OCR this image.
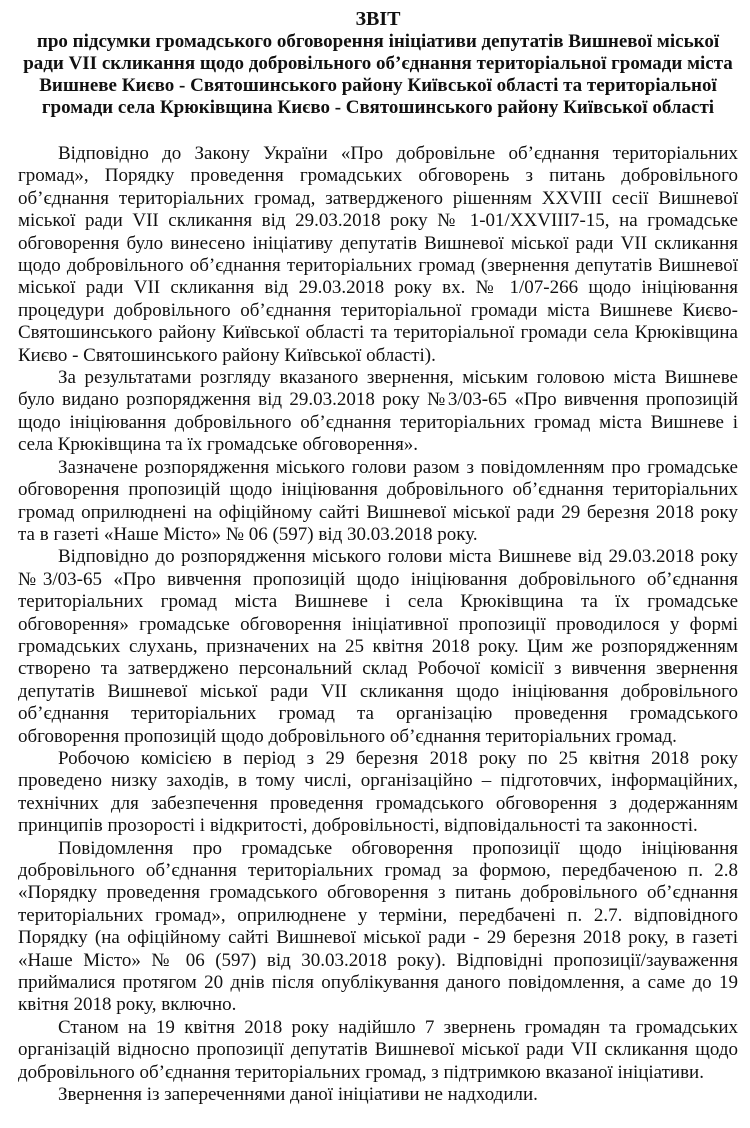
ЗВІТ
про підсумки громадського обговорення ініціативи депутатів Вишневої міської ради VII скликання щодо добровільного об’єднання територіальної громади міста Вишневе Києво - Святошинського району Київської області та територіальної громади села Крюківщина Києво - Святошинського району Київської області

Відповідно до Закону України «Про добровільне об’єднання територіальних громад», Порядку проведення громадських обговорень з питань добровільного об’єднання територіальних громад, затвердженого рішенням XXVIII сесії Вишневої міської ради VII скликання від 29.03.2018 року № 1-01/XXVIII7-15, на громадське обговорення було винесено ініціативу депутатів Вишневої міської ради VII скликання щодо добровільного об’єднання територіальних громад (звернення депутатів Вишневої міської ради VII скликання від 29.03.2018 року вх. № 1/07-266 щодо ініціювання процедури добровільного об’єднання територіальної громади міста Вишневе Києво- Святошинського району Київської області та територіальної громади села Крюківщина Києво - Святошинського району Київської області).

За результатами розгляду вказаного звернення, міським головою міста Вишневе було видано розпорядження від 29.03.2018 року №3/03-65 «Про вивчення пропозицій щодо ініціювання добровільного об’єднання територіальних громад міста Вишневе і села Крюківщина та їх громадське обговорення».

Зазначене розпорядження міського голови разом з повідомленням про громадське обговорення пропозицій щодо ініціювання добровільного об’єднання територіальних громад оприлюднені на офіційному сайті Вишневої міської ради 29 березня 2018 року та в газеті «Наше Місто» № 06 (597) від 30.03.2018 року.

Відповідно до розпорядження міського голови міста Вишневе від 29.03.2018 року №3/03-65 «Про вивчення пропозицій щодо ініціювання добровільного об’єднання територіальних громад міста Вишневе і села Крюківщина та їх громадське обговорення» громадське обговорення ініціативної пропозиції проводилося у формі громадських слухань, призначених на 25 квітня 2018 року. Цим же розпорядженням створено та затверджено персональний склад Робочої комісії з вивчення звернення депутатів Вишневої міської ради VII скликання щодо ініціювання добровільного об’єднання територіальних громад та організацію проведення громадського обговорення пропозицій щодо добровільного об’єднання територіальних громад.

Робочою комісією в період з 29 березня 2018 року по 25 квітня 2018 року проведено низку заходів, в тому числі, організаційно – підготовчих, інформаційних, технічних для забезпечення проведення громадського обговорення з додержанням принципів прозорості і відкритості, добровільності, відповідальності та законності.

Повідомлення про громадське обговорення пропозиції щодо ініціювання добровільного об’єднання територіальних громад за формою, передбаченою п. 2.8 «Порядку проведення громадського обговорення з питань добровільного об’єднання територіальних громад», оприлюднене у терміни, передбачені п. 2.7. відповідного Порядку (на офіційному сайті Вишневої міської ради - 29 березня 2018 року, в газеті «Наше Місто» № 06 (597) від 30.03.2018 року). Відповідні пропозиції/зауваження приймалися протягом 20 днів після опублікування даного повідомлення, а саме до 19 квітня 2018 року, включно.

Станом на 19 квітня 2018 року надійшло 7 звернень громадян та громадських організацій відносно пропозиції депутатів Вишневої міської ради VII скликання щодо добровільного об’єднання територіальних громад, з підтримкою вказаної ініціативи.

Звернення із запереченнями даної ініціативи не надходили.
